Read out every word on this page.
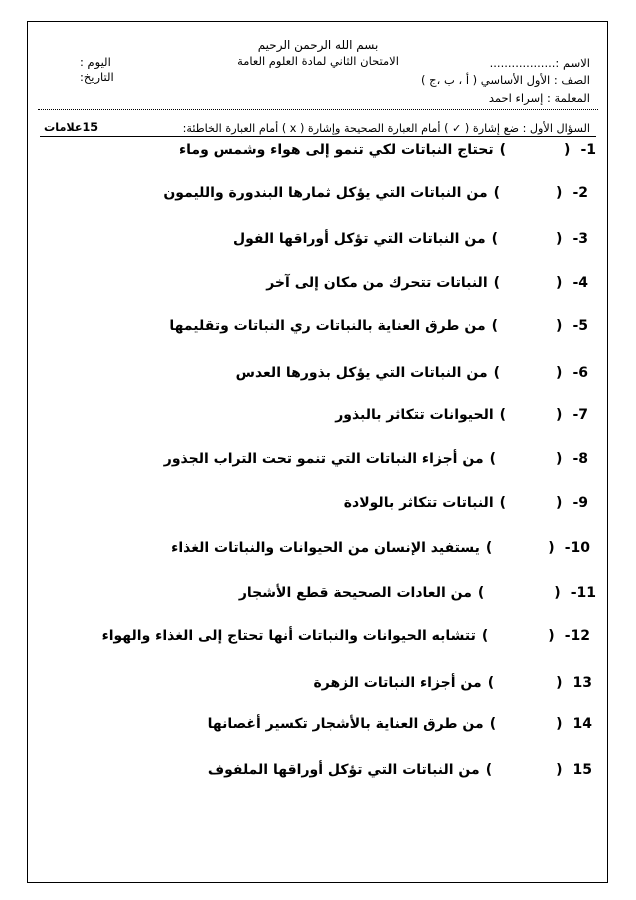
بسم الله الرحمن الرحيم
الاسم :..................
الامتحان الثاني لمادة العلوم العامة
اليوم :
الصف : الأول الأساسي ( أ ، ب ،ج )
التاريخ:
المعلمة : إسراء احمد
السؤال الأول : ضع إشارة ( ✓ ) أمام العبارة الصحيحة وإشارة ( x ) أمام العبارة الخاطئة:
15علامات
1-()تحتاج النباتات لكي تنمو إلى هواء وشمس وماء
2-()من النباتات التي يؤكل ثمارها البندورة والليمون
3-()من النباتات التي تؤكل أوراقها الفول
4-()النباتات تتحرك من مكان إلى آخر
5-()من طرق العناية بالنباتات ري النباتات وتقليمها
6-()من النباتات التي يؤكل بذورها العدس
7-()الحيوانات تتكاثر بالبذور
8-()من أجزاء النباتات التي تنمو تحت التراب الجذور
9-()النباتات تتكاثر بالولادة
10-()يستفيد الإنسان من الحيوانات والنباتات الغذاء
11-()من العادات الصحيحة قطع الأشجار
12-()تتشابه الحيوانات والنباتات أنها تحتاج إلى الغذاء والهواء
13()من أجزاء النباتات الزهرة
14()من طرق العناية بالأشجار تكسير أغصانها
15()من النباتات التي تؤكل أوراقها الملفوف
